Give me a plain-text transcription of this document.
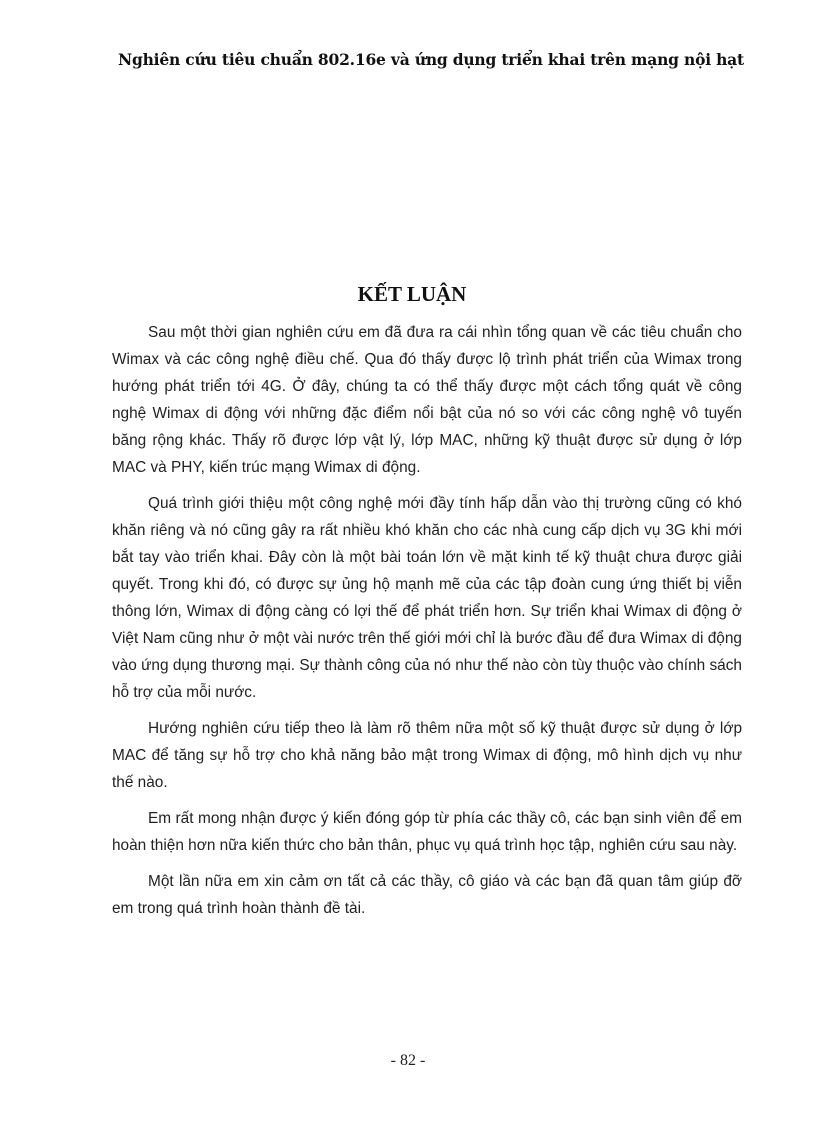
Nghiên cứu tiêu chuẩn 802.16e và ứng dụng triển khai trên mạng nội hạt
KẾT LUẬN

Sau một thời gian nghiên cứu em đã đưa ra cái nhìn tổng quan về các tiêu chuẩn cho Wimax và các công nghệ điều chế. Qua đó thấy được lộ trình phát triển của Wimax trong hướng phát triển tới 4G. Ở đây, chúng ta có thể thấy được một cách tổng quát về công nghệ Wimax di động với những đặc điểm nổi bật của nó so với các công nghệ vô tuyến băng rộng khác. Thấy rõ được lớp vật lý, lớp MAC, những kỹ thuật được sử dụng ở lớp MAC và PHY, kiến trúc mạng Wimax di động.

Quá trình giới thiệu một công nghệ mới đầy tính hấp dẫn vào thị trường cũng có khó khăn riêng và nó cũng gây ra rất nhiều khó khăn cho các nhà cung cấp dịch vụ 3G khi mới bắt tay vào triển khai. Đây còn là một bài toán lớn về mặt kinh tế kỹ thuật chưa được giải quyết. Trong khi đó, có được sự ủng hộ mạnh mẽ của các tập đoàn cung ứng thiết bị viễn thông lớn, Wimax di động càng có lợi thế để phát triển hơn. Sự triển khai Wimax di động ở Việt Nam cũng như ở một vài nước trên thế giới mới chỉ là bước đầu để đưa Wimax di động vào ứng dụng thương mại. Sự thành công của nó như thế nào còn tùy thuộc vào chính sách hỗ trợ của mỗi nước.

Hướng nghiên cứu tiếp theo là làm rõ thêm nữa một số kỹ thuật được sử dụng ở lớp MAC để tăng sự hỗ trợ cho khả năng bảo mật trong Wimax di động, mô hình dịch vụ như thế nào.

Em rất mong nhận được ý kiến đóng góp từ phía các thầy cô, các bạn sinh viên để em hoàn thiện hơn nữa kiến thức cho bản thân, phục vụ quá trình học tập, nghiên cứu sau này.

Một lần nữa em xin cảm ơn tất cả các thầy, cô giáo và các bạn đã quan tâm giúp đỡ em trong quá trình hoàn thành đề tài.

- 82 -
